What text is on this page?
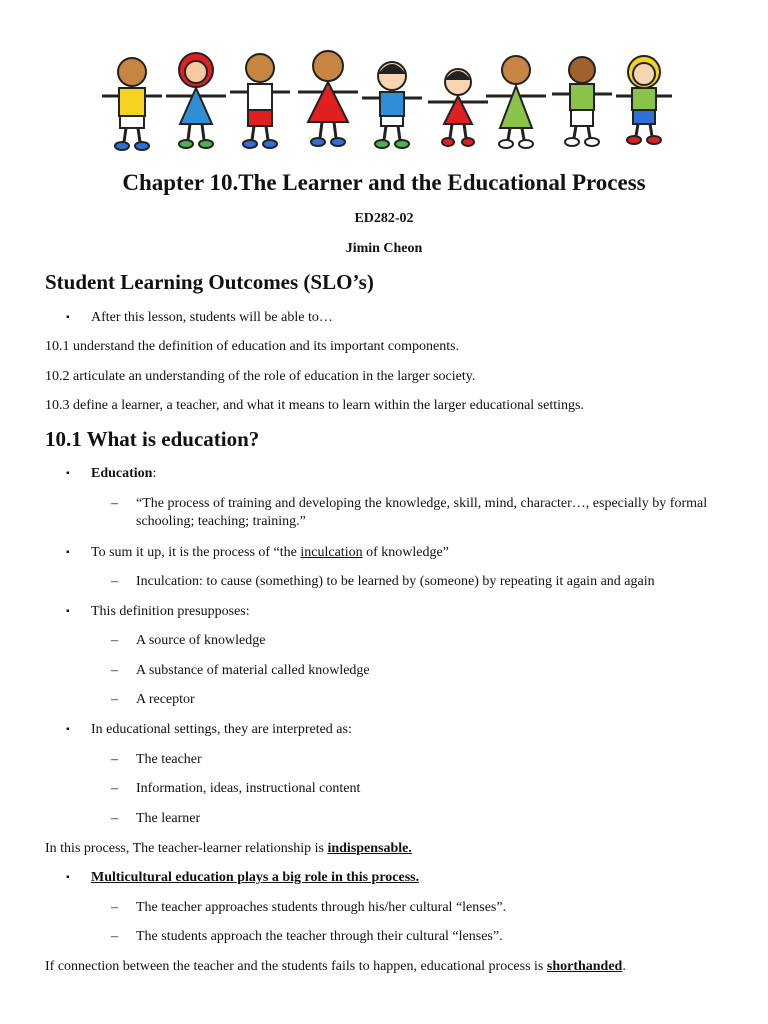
Chapter 10.The Learner and the Educational Process
ED282-02
Jimin Cheon
Student Learning Outcomes (SLO’s)
▪ After this lesson, students will be able to…
10.1 understand the definition of education and its important components.
10.2 articulate an understanding of the role of education in the larger society.
10.3 define a learner, a teacher, and what it means to learn within the larger educational settings.
10.1 What is education?
▪ Education:
– “The process of training and developing the knowledge, skill, mind, character…, especially by formal schooling; teaching; training.”
▪ To sum it up, it is the process of “the inculcation of knowledge”
– Inculcation: to cause (something) to be learned by (someone) by repeating it again and again
▪ This definition presupposes:
– A source of knowledge
– A substance of material called knowledge
– A receptor
▪ In educational settings, they are interpreted as:
– The teacher
– Information, ideas, instructional content
– The learner
In this process, The teacher-learner relationship is indispensable.
▪ Multicultural education plays a big role in this process.
– The teacher approaches students through his/her cultural “lenses”.
– The students approach the teacher through their cultural “lenses”.
If connection between the teacher and the students fails to happen, educational process is shorthanded.
